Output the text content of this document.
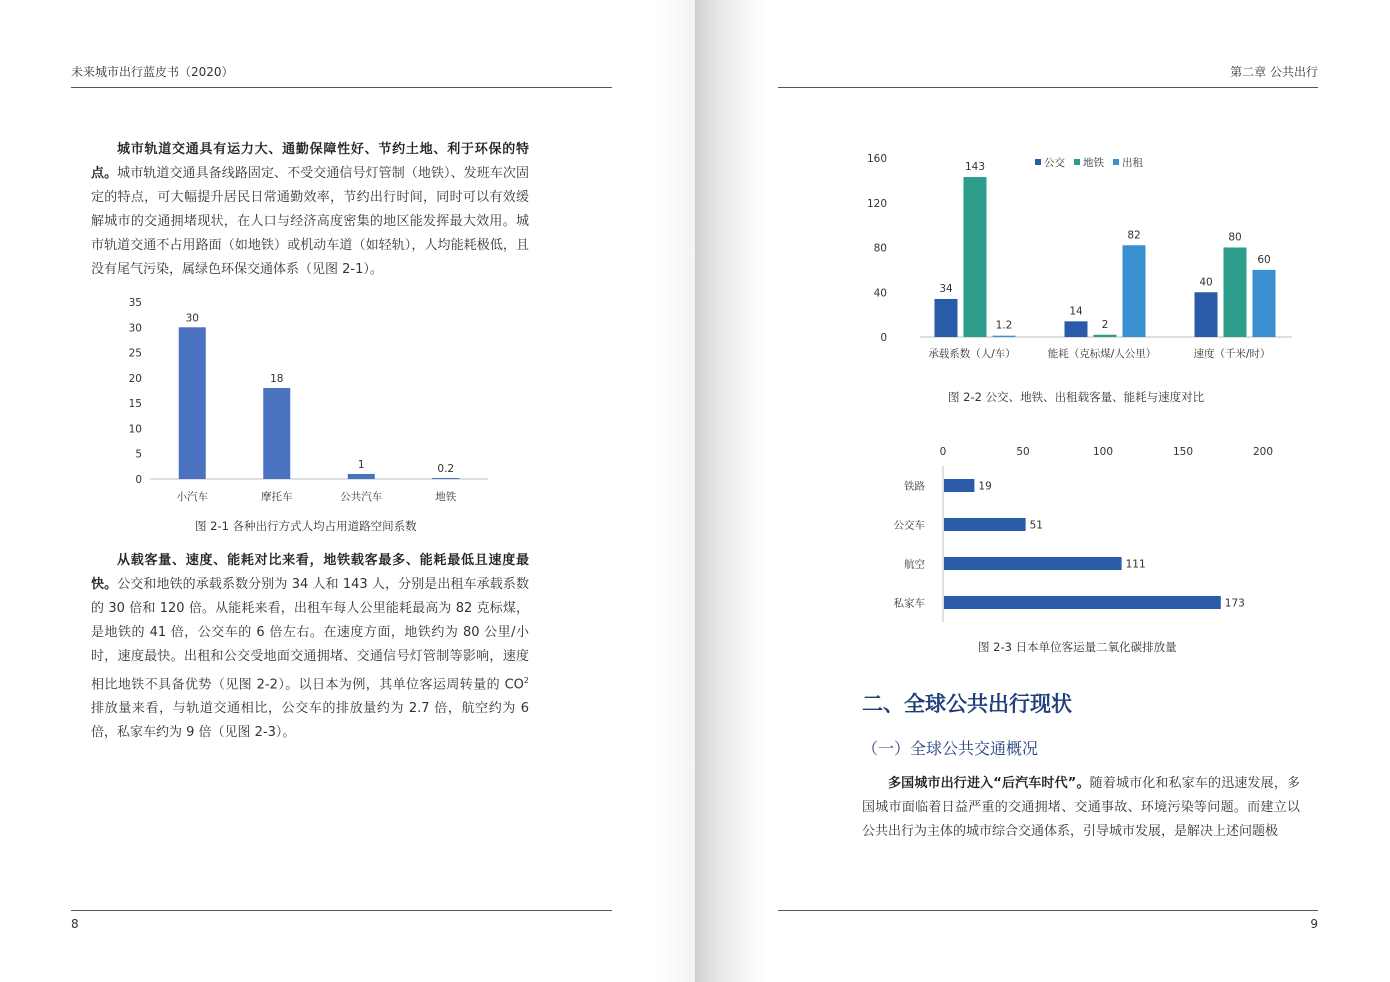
未来城市出行蓝皮书（2020）

城市轨道交通具有运力大、通勤保障性好、节约土地、利于环保的特点。城市轨道交通具备线路固定、不受交通信号灯管制（地铁）、发班车次固定的特点，可大幅提升居民日常通勤效率，节约出行时间，同时可以有效缓解城市的交通拥堵现状，在人口与经济高度密集的地区能发挥最大效用。城市轨道交通不占用路面（如地铁）或机动车道（如轻轨），人均能耗极低，且没有尾气污染，属绿色环保交通体系（见图 2-1）。

0
5
10
15
20
25
30
35
30
小汽车
18
摩托车
1
公共汽车
0.2
地铁
图 2-1 各种出行方式人均占用道路空间系数

从载客量、速度、能耗对比来看，地铁载客最多、能耗最低且速度最快。公交和地铁的承载系数分别为 34 人和 143 人，分别是出租车承载系数的 30 倍和 120 倍。从能耗来看，出租车每人公里能耗最高为 82 克标煤，是地铁的 41 倍，公交车的 6 倍左右。在速度方面，地铁约为 80 公里/小时，速度最快。出租和公交受地面交通拥堵、交通信号灯管制等影响，速度相比地铁不具备优势（见图 2-2）。以日本为例，其单位客运周转量的 $CO^2$ 排放量来看，与轨道交通相比，公交车的排放量约为 2.7 倍，航空约为 6 倍，私家车约为 9 倍（见图 2-3）。

8
第二章 公共出行
0
40
80
120
160
34
143
1.2
承载系数（人/车）
14
2
82
能耗（克标煤/人公里）
40
80
60
速度（千米/时）
公交 地铁 出租
图 2-2 公交、地铁、出租载客量、能耗与速度对比
0	50	100	150	200
19
铁路
51
公交车
111
航空
173
私家车
图 2-3 日本单位客运量二氧化碳排放量
二、全球公共出行现状
（一）全球公共交通概况

多国城市出行进入“后汽车时代”。随着城市化和私家车的迅速发展，多国城市面临着日益严重的交通拥堵、交通事故、环境污染等问题。而建立以公共出行为主体的城市综合交通体系，引导城市发展，是解决上述问题极

9
